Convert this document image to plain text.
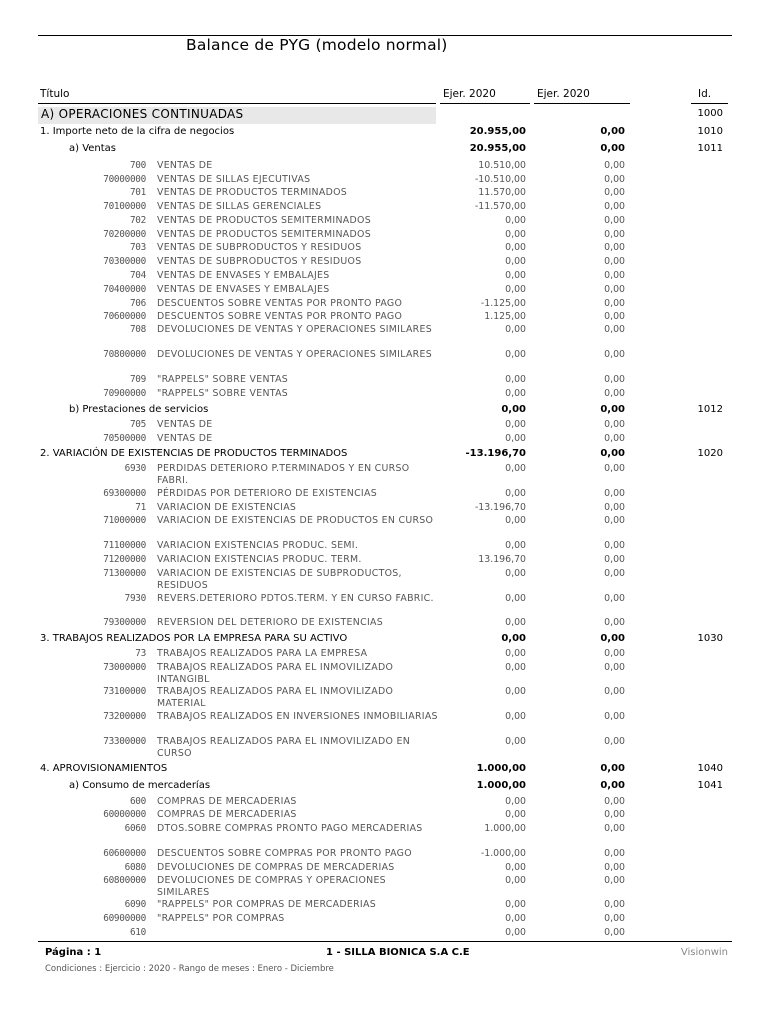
Balance de PYG (modelo normal)
Título	Ejer. 2020	Ejer. 2020	Id.
A) OPERACIONES CONTINUADAS	1000
1. Importe neto de la cifra de negocios	20.955,00	0,00	1010
a) Ventas	20.955,00	0,00	1011
700 VENTAS DE	10.510,00	0,00
70000000 VENTAS DE SILLAS EJECUTIVAS	-10.510,00	0,00
701 VENTAS DE PRODUCTOS TERMINADOS	11.570,00	0,00
70100000 VENTAS DE SILLAS GERENCIALES	-11.570,00	0,00
702 VENTAS DE PRODUCTOS SEMITERMINADOS	0,00	0,00
70200000 VENTAS DE PRODUCTOS SEMITERMINADOS	0,00	0,00
703 VENTAS DE SUBPRODUCTOS Y RESIDUOS	0,00	0,00
70300000 VENTAS DE SUBPRODUCTOS Y RESIDUOS	0,00	0,00
704 VENTAS DE ENVASES Y EMBALAJES	0,00	0,00
70400000 VENTAS DE ENVASES Y EMBALAJES	0,00	0,00
706 DESCUENTOS SOBRE VENTAS POR PRONTO PAGO	-1.125,00	0,00
70600000 DESCUENTOS SOBRE VENTAS POR PRONTO PAGO	1.125,00	0,00
708 DEVOLUCIONES DE VENTAS Y OPERACIONES SIMILARES	0,00	0,00
70800000 DEVOLUCIONES DE VENTAS Y OPERACIONES SIMILARES	0,00	0,00
709 "RAPPELS" SOBRE VENTAS	0,00	0,00
70900000 "RAPPELS" SOBRE VENTAS	0,00	0,00
b) Prestaciones de servicios	0,00	0,00	1012
705 VENTAS DE	0,00	0,00
70500000 VENTAS DE	0,00	0,00
2. VARIACIÓN DE EXISTENCIAS DE PRODUCTOS TERMINADOS	-13.196,70	0,00	1020
6930 PERDIDAS DETERIORO P.TERMINADOS Y EN CURSO FABRI.
0,00	0,00
69300000 PÉRDIDAS POR DETERIORO DE EXISTENCIAS	0,00	0,00
71 VARIACION DE EXISTENCIAS	-13.196,70	0,00
71000000 VARIACION DE EXISTENCIAS DE PRODUCTOS EN CURSO	0,00	0,00
71100000 VARIACION EXISTENCIAS PRODUC. SEMI.	0,00	0,00
71200000 VARIACION EXISTENCIAS PRODUC. TERM.	13.196,70	0,00
71300000 VARIACION DE EXISTENCIAS DE SUBPRODUCTOS, RESIDUOS
0,00	0,00
7930 REVERS.DETERIORO PDTOS.TERM. Y EN CURSO FABRIC.	0,00	0,00
79300000 REVERSION DEL DETERIORO DE EXISTENCIAS	0,00	0,00
3. TRABAJOS REALIZADOS POR LA EMPRESA PARA SU ACTIVO	0,00	0,00	1030
73 TRABAJOS REALIZADOS PARA LA EMPRESA	0,00	0,00
73000000 TRABAJOS REALIZADOS PARA EL INMOVILIZADO INTANGIBL
0,00	0,00
73100000 TRABAJOS REALIZADOS PARA EL INMOVILIZADO MATERIAL
0,00	0,00
73200000 TRABAJOS REALIZADOS EN INVERSIONES INMOBILIARIAS	0,00	0,00
73300000 TRABAJOS REALIZADOS PARA EL INMOVILIZADO EN CURSO
0,00	0,00
4. APROVISIONAMIENTOS	1.000,00	0,00	1040
a) Consumo de mercaderías	1.000,00	0,00	1041
600 COMPRAS DE MERCADERIAS	0,00	0,00
60000000 COMPRAS DE MERCADERIAS	0,00	0,00
6060 DTOS.SOBRE COMPRAS PRONTO PAGO MERCADERIAS	1.000,00	0,00
60600000 DESCUENTOS SOBRE COMPRAS POR PRONTO PAGO	-1.000,00	0,00
6080 DEVOLUCIONES DE COMPRAS DE MERCADERIAS	0,00	0,00
60800000 DEVOLUCIONES DE COMPRAS Y OPERACIONES SIMILARES
0,00	0,00
6090 "RAPPELS" POR COMPRAS DE MERCADERIAS	0,00	0,00
60900000 "RAPPELS" POR COMPRAS	0,00	0,00
610	0,00	0,00
Página : 1	1 - SILLA BIONICA S.A C.E	Visionwin
Condiciones : Ejercicio : 2020 - Rango de meses : Enero - Diciembre
